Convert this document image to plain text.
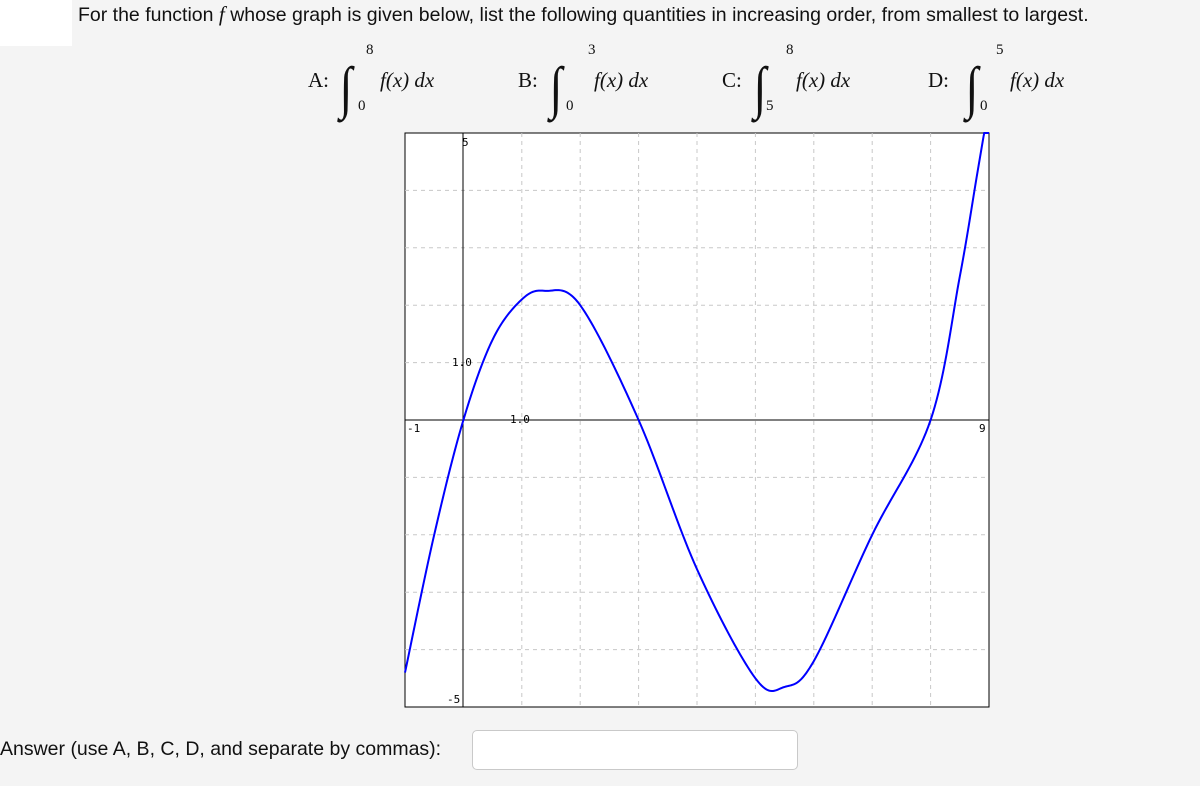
For the function f whose graph is given below, list the following quantities in increasing order, from smallest to largest.
A: ∫
8
0
f(x) dx	B: ∫
3
0
f(x) dx	C: ∫
8
5
f(x) dx	D: ∫
5
0
f(x) dx
5
-5
-1	9
1.0
1.0
Answer (use A, B, C, D, and separate by commas):
